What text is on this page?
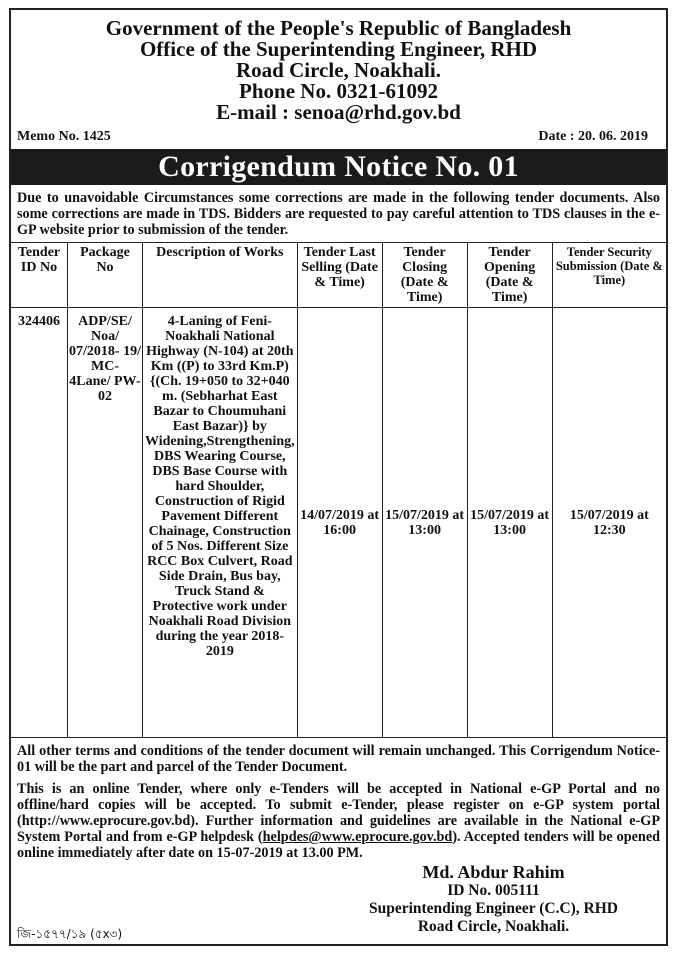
Government of the People's Republic of Bangladesh
Office of the Superintending Engineer, RHD
Road Circle, Noakhali.
Phone No. 0321-61092
E-mail : senoa@rhd.gov.bd
Memo No. 1425	Date : 20. 06. 2019
Corrigendum Notice No. 01
Due to unavoidable Circumstances some corrections are made in the following tender documents. Also some corrections are made in TDS. Bidders are requested to pay careful attention to TDS clauses in the e-GP website prior to submission of the tender.
Tender ID No	Package No	Description of Works	Tender Last Selling (Date & Time)	Tender Closing (Date & Time)	Tender Opening (Date & Time)	Tender Security Submission (Date & Time)
324406	ADP/SE/ Noa/ 07/2018- 19/ MC- 4Lane/ PW-02	4-Laning of Feni-Noakhali National Highway (N-104) at 20th Km ((P) to 33rd Km.P) {(Ch. 19+050 to 32+040 m. (Sebharhat East Bazar to Choumuhani East Bazar)} by Widening,Strengthening, DBS Wearing Course, DBS Base Course with hard Shoulder, Construction of Rigid Pavement Different Chainage, Construction of 5 Nos. Different Size RCC Box Culvert, Road Side Drain, Bus bay, Truck Stand & Protective work under Noakhali Road Division during the year 2018-2019	14/07/2019 at 16:00	15/07/2019 at 13:00	15/07/2019 at 13:00	15/07/2019 at 12:30
All other terms and conditions of the tender document will remain unchanged. This Corrigendum Notice-01 will be the part and parcel of the Tender Document.
This is an online Tender, where only e-Tenders will be accepted in National e-GP Portal and no offline/hard copies will be accepted. To submit e-Tender, please register on e-GP system portal (http://www.eprocure.gov.bd). Further information and guidelines are available in the National e-GP System Portal and from e-GP helpdesk (helpdes@www.eprocure.gov.bd). Accepted tenders will be opened online immediately after date on 15-07-2019 at 13.00 PM.
জি-১৫৭৭/১৯ (৫x৩)
Md. Abdur Rahim
ID No. 005111
Superintending Engineer (C.C), RHD
Road Circle, Noakhali.
